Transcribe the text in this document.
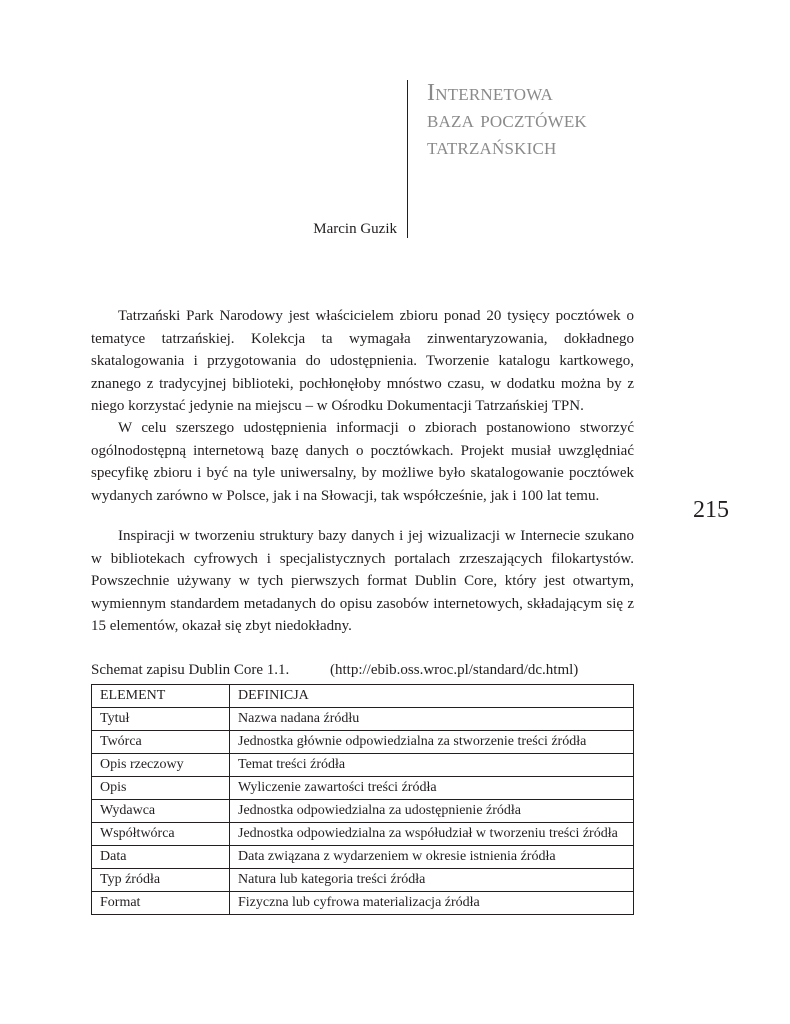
Internetowa
baza pocztówek
tatrzańskich
Marcin Guzik
215

Tatrzański Park Narodowy jest właścicielem zbioru ponad 20 tysięcy pocztówek o tematyce tatrzańskiej. Kolekcja ta wymagała zinwentaryzowania, dokładnego skatalogowania i przygotowania do udostępnienia. Tworzenie katalogu kartkowego, znanego z tradycyjnej biblioteki, pochłonęłoby mnóstwo czasu, w dodatku można by z niego korzystać jedynie na miejscu – w Ośrodku Dokumentacji Tatrzańskiej TPN.

W celu szerszego udostępnienia informacji o zbiorach postanowiono stworzyć ogólnodostępną internetową bazę danych o pocztówkach. Projekt musiał uwzględniać specyfikę zbioru i być na tyle uniwersalny, by możliwe było skatalogowanie pocztówek wydanych zarówno w Polsce, jak i na Słowacji, tak współcześnie, jak i 100 lat temu.

Inspiracji w tworzeniu struktury bazy danych i jej wizualizacji w Internecie szukano w bibliotekach cyfrowych i specjalistycznych portalach zrzeszających filokartystów. Powszechnie używany w tych pierwszych format Dublin Core, który jest otwartym, wymiennym standardem metadanych do opisu zasobów internetowych, składającym się z 15 elementów, okazał się zbyt niedokładny.

Schemat zapisu Dublin Core 1.1.	(http://ebib.oss.wroc.pl/standard/dc.html)
ELEMENT	DEFINICJA
Tytuł	Nazwa nadana źródłu
Twórca	Jednostka głównie odpowiedzialna za stworzenie treści źródła
Opis rzeczowy	Temat treści źródła
Opis	Wyliczenie zawartości treści źródła
Wydawca	Jednostka odpowiedzialna za udostępnienie źródła
Współtwórca	Jednostka odpowiedzialna za współudział w tworzeniu treści źródła
Data	Data związana z wydarzeniem w okresie istnienia źródła
Typ źródła	Natura lub kategoria treści źródła
Format	Fizyczna lub cyfrowa materializacja źródła
